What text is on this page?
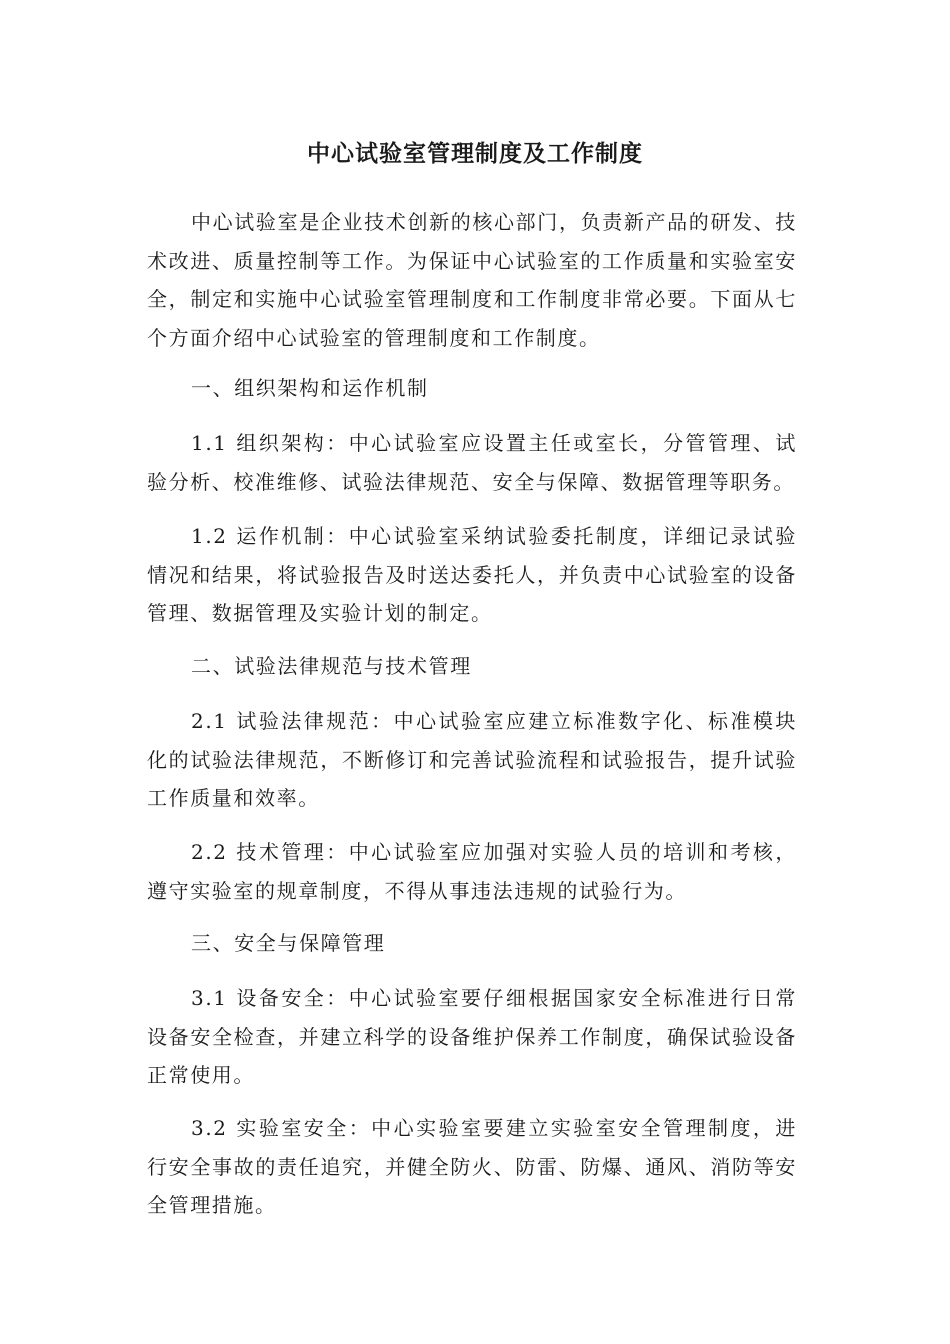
中心试验室管理制度及工作制度

中心试验室是企业技术创新的核心部门，负责新产品的研发、技术改进、质量控制等工作。为保证中心试验室的工作质量和实验室安全，制定和实施中心试验室管理制度和工作制度非常必要。下面从七个方面介绍中心试验室的管理制度和工作制度。

一、组织架构和运作机制

1.1 组织架构：中心试验室应设置主任或室长，分管管理、试验分析、校准维修、试验法律规范、安全与保障、数据管理等职务。

1.2 运作机制：中心试验室采纳试验委托制度，详细记录试验情况和结果，将试验报告及时送达委托人，并负责中心试验室的设备管理、数据管理及实验计划的制定。

二、试验法律规范与技术管理

2.1 试验法律规范：中心试验室应建立标准数字化、标准模块化的试验法律规范，不断修订和完善试验流程和试验报告，提升试验工作质量和效率。

2.2 技术管理：中心试验室应加强对实验人员的培训和考核，遵守实验室的规章制度，不得从事违法违规的试验行为。

三、安全与保障管理

3.1 设备安全：中心试验室要仔细根据国家安全标准进行日常设备安全检查，并建立科学的设备维护保养工作制度，确保试验设备正常使用。

3.2 实验室安全：中心实验室要建立实验室安全管理制度，进行安全事故的责任追究，并健全防火、防雷、防爆、通风、消防等安全管理措施。
